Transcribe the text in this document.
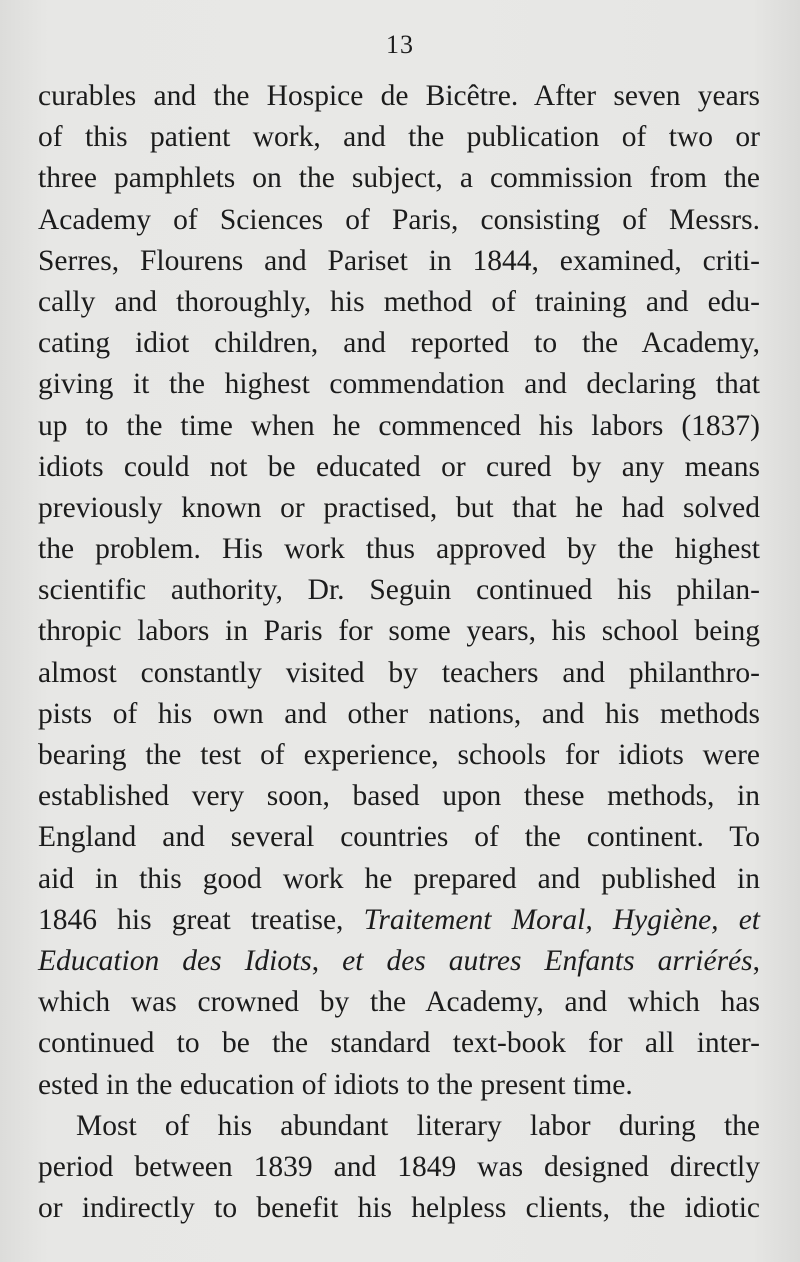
13
curables and the Hospice de Bicêtre. After seven years
of this patient work, and the publication of two or
three pamphlets on the subject, a commission from the
Academy of Sciences of Paris, consisting of Messrs.
Serres, Flourens and Pariset in 1844, examined, criti-
cally and thoroughly, his method of training and edu-
cating idiot children, and reported to the Academy,
giving it the highest commendation and declaring that
up to the time when he commenced his labors (1837)
idiots could not be educated or cured by any means
previously known or practised, but that he had solved
the problem. His work thus approved by the highest
scientific authority, Dr. Seguin continued his philan-
thropic labors in Paris for some years, his school being
almost constantly visited by teachers and philanthro-
pists of his own and other nations, and his methods
bearing the test of experience, schools for idiots were
established very soon, based upon these methods, in
England and several countries of the continent. To
aid in this good work he prepared and published in
1846 his great treatise, Traitement Moral, Hygiène, et
Education des Idiots, et des autres Enfants arriérés,
which was crowned by the Academy, and which has
continued to be the standard text-book for all inter-
ested in the education of idiots to the present time.
Most of his abundant literary labor during the
period between 1839 and 1849 was designed directly
or indirectly to benefit his helpless clients, the idiotic
